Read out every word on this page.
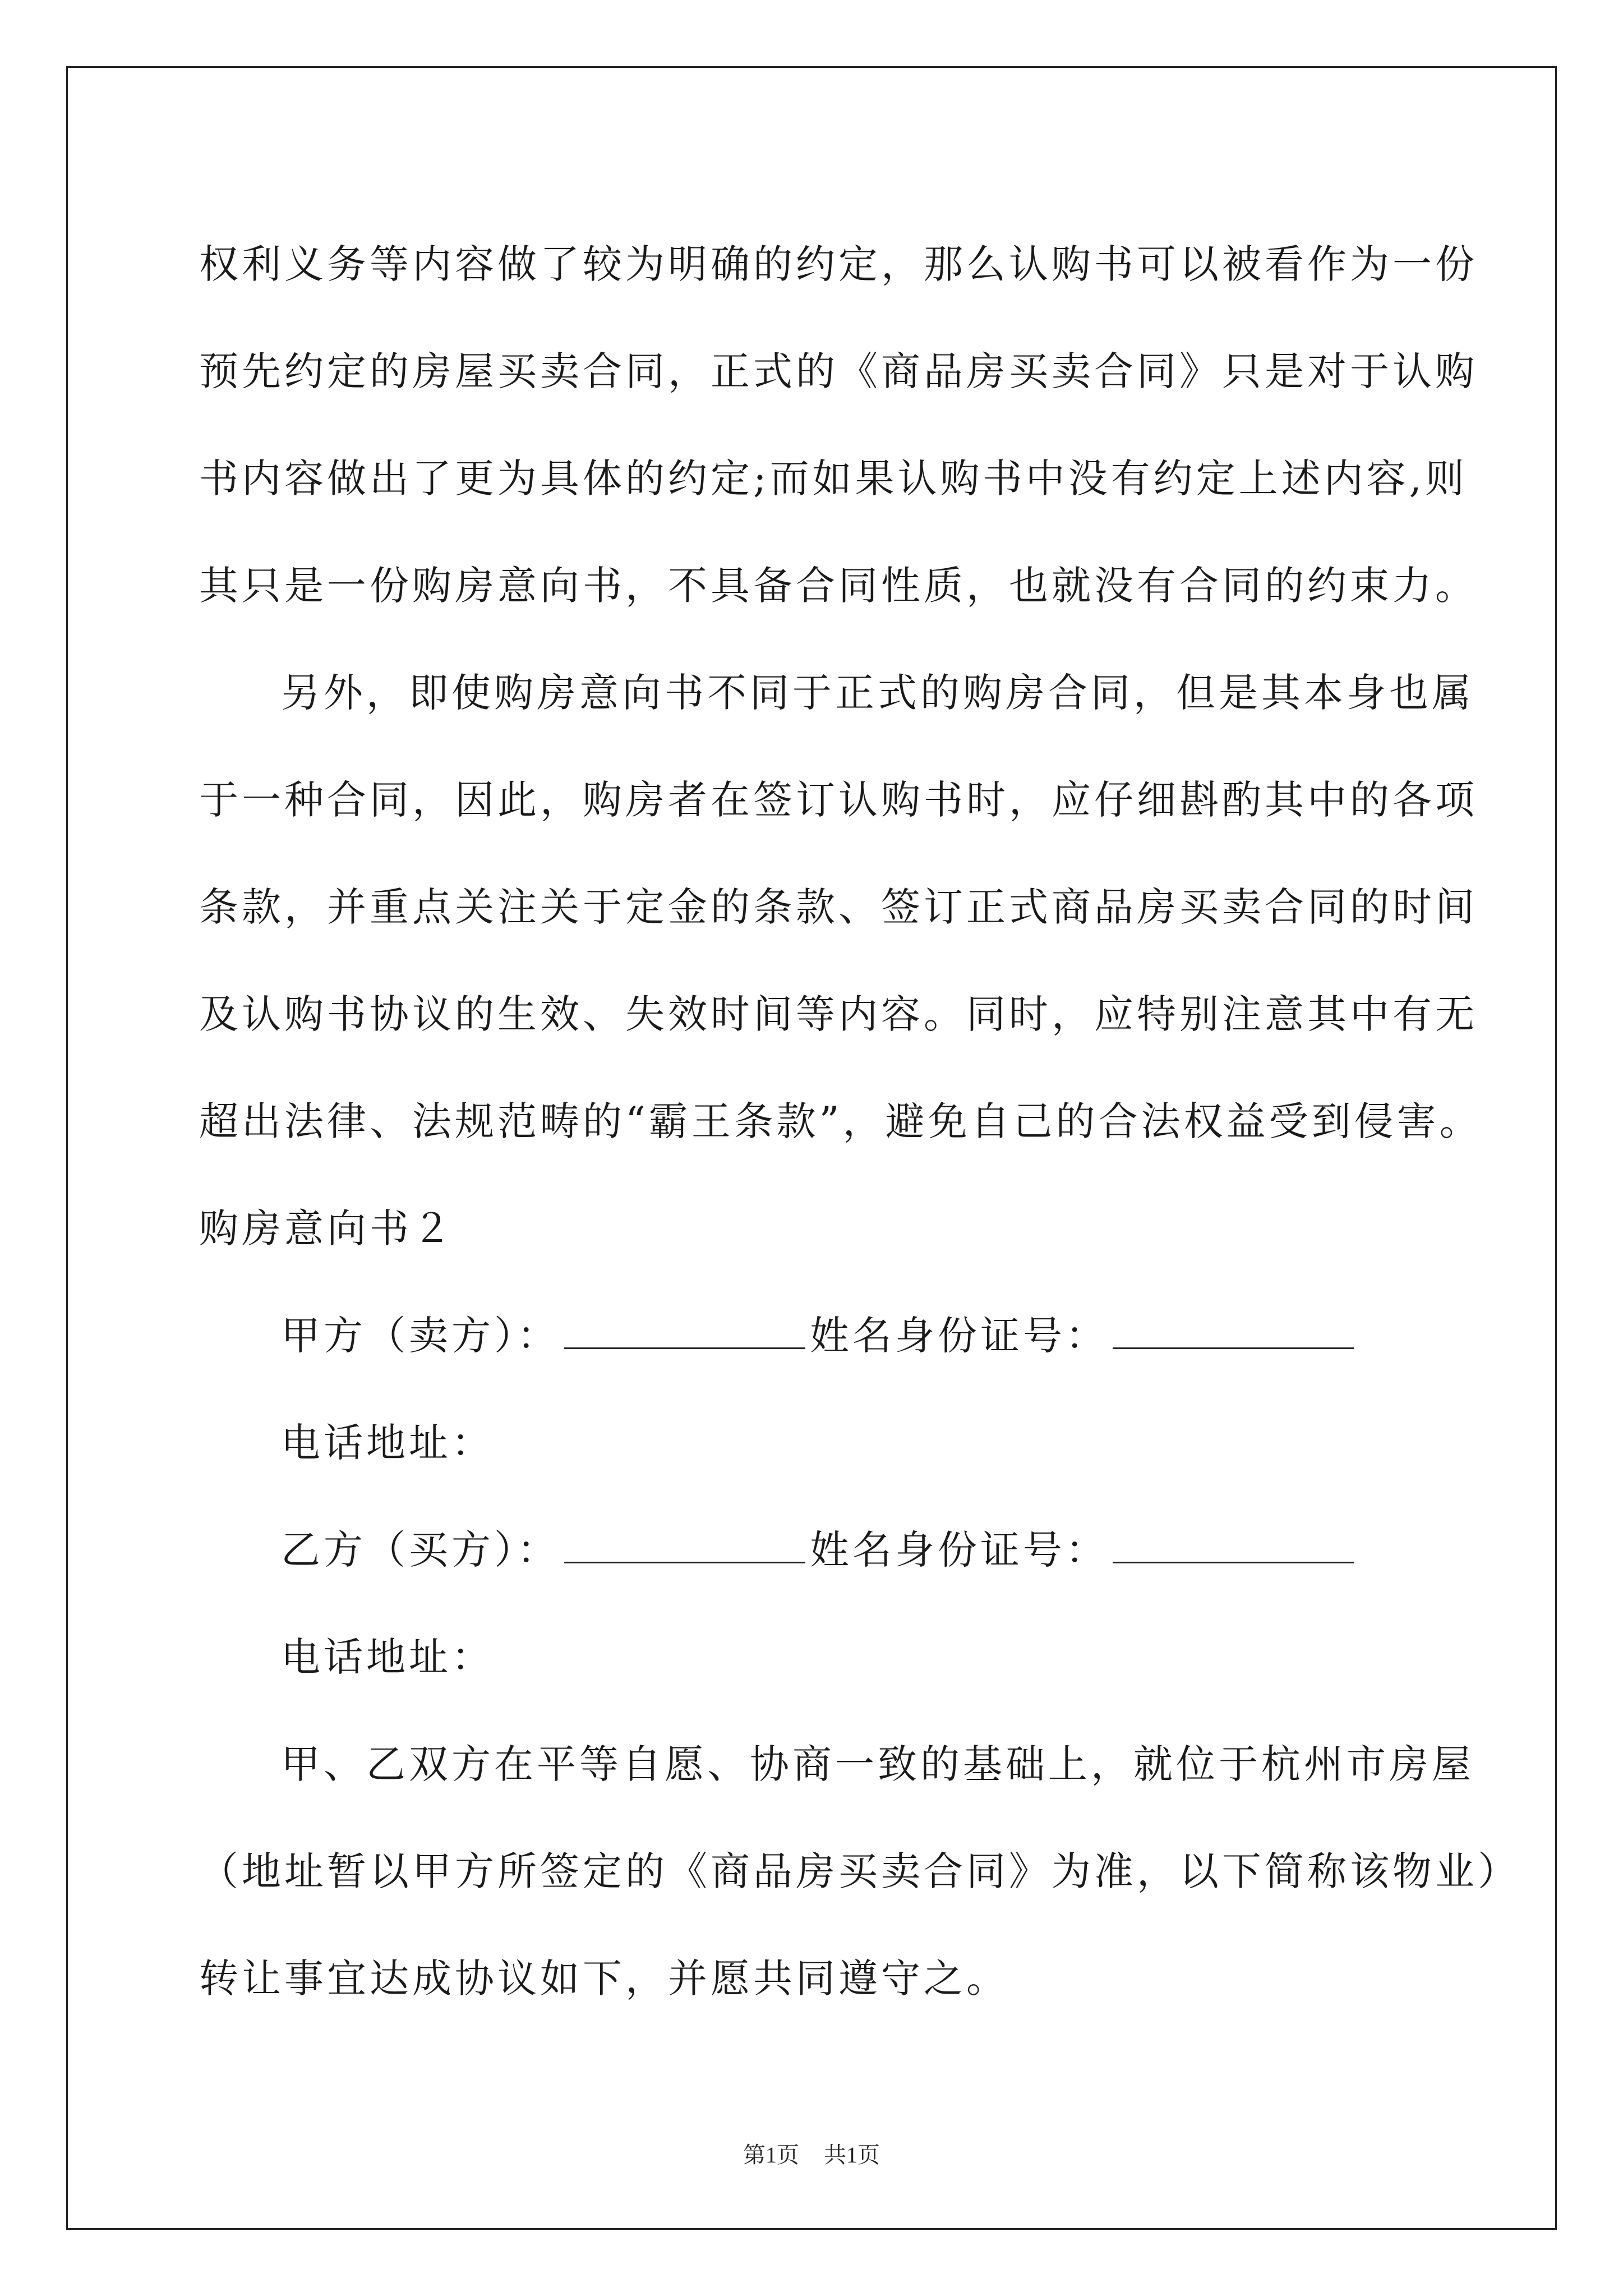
权利义务等内容做了较为明确的约定，那么认购书可以被看作为一份
预先约定的房屋买卖合同，正式的《商品房买卖合同》只是对于认购
书内容做出了更为具体的约定;而如果认购书中没有约定上述内容,则
其只是一份购房意向书，不具备合同性质，也就没有合同的约束力。
另外，即使购房意向书不同于正式的购房合同，但是其本身也属
于一种合同，因此，购房者在签订认购书时，应仔细斟酌其中的各项
条款，并重点关注关于定金的条款、签订正式商品房买卖合同的时间
及认购书协议的生效、失效时间等内容。同时，应特别注意其中有无
超出法律、法规范畴的“霸王条款”，避免自己的合法权益受到侵害。
购房意向书２
甲方（卖方）：	姓名身份证号：
电话地址：
乙方（买方）：	姓名身份证号：
电话地址：
甲、乙双方在平等自愿、协商一致的基础上，就位于杭州市房屋
（地址暂以甲方所签定的《商品房买卖合同》为准，以下简称该物业）
转让事宜达成协议如下，并愿共同遵守之。
第1页 共1页
